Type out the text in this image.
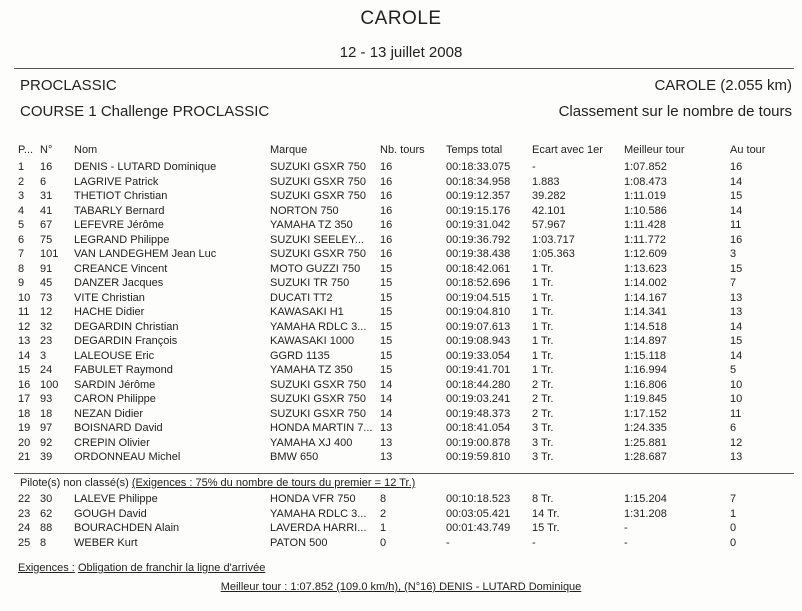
CAROLE
12 - 13 juillet 2008
PROCLASSIC	CAROLE (2.055 km)
COURSE 1 Challenge PROCLASSIC	Classement sur le nombre de tours
P... N°	Nom	Marque	Nb. tours	Temps total	Ecart avec 1er	Meilleur tour	Au tour
1	16	DENIS - LUTARD Dominique	SUZUKI GSXR 750	16	00:18:33.075	-	1:07.852	16
2	6	LAGRIVE Patrick	SUZUKI GSXR 750	16	00:18:34.958	1.883	1:08.473	14
3	31	THETIOT Christian	SUZUKI GSXR 750	16	00:19:12.357	39.282	1:11.019	15
4	41	TABARLY Bernard	NORTON 750	16	00:19:15.176	42.101	1:10.586	14
5	67	LEFEVRE Jérôme	YAMAHA TZ 350	16	00:19:31.042	57.967	1:11.428	11
6	75	LEGRAND Philippe	SUZUKI SEELEY...	16	00:19:36.792	1:03.717	1:11.772	16
7	101	VAN LANDEGHEM Jean Luc	SUZUKI GSXR 750	16	00:19:38.438	1:05.363	1:12.609	3
8	91	CREANCE Vincent	MOTO GUZZI 750	15	00:18:42.061	1 Tr.	1:13.623	15
9	45	DANZER Jacques	SUZUKI TR 750	15	00:18:52.696	1 Tr.	1:14.002	7
10 73	VITE Christian	DUCATI TT2	15	00:19:04.515	1 Tr.	1:14.167	13
11 12	HACHE Didier	KAWASAKI H1	15	00:19:04.810	1 Tr.	1:14.341	13
12 32	DEGARDIN Christian	YAMAHA RDLC 3...	15	00:19:07.613	1 Tr.	1:14.518	14
13 23	DEGARDIN François	KAWASAKI 1000	15	00:19:08.943	1 Tr.	1:14.897	15
14 3	LALEOUSE Eric	GGRD 1135	15	00:19:33.054	1 Tr.	1:15.118	14
15 24	FABULET Raymond	YAMAHA TZ 350	15	00:19:41.701	1 Tr.	1:16.994	5
16 100	SARDIN Jérôme	SUZUKI GSXR 750	14	00:18:44.280	2 Tr.	1:16.806	10
17 93	CARON Philippe	SUZUKI GSXR 750	14	00:19:03.241	2 Tr.	1:19.845	10
18 18	NEZAN Didier	SUZUKI GSXR 750	14	00:19:48.373	2 Tr.	1:17.152	11
19 97	BOISNARD David	HONDA MARTIN 7... 13	00:18:41.054	3 Tr.	1:24.335	6
20 92	CREPIN Olivier	YAMAHA XJ 400	13	00:19:00.878	3 Tr.	1:25.881	12
21 39	ORDONNEAU Michel	BMW 650	13	00:19:59.810	3 Tr.	1:28.687	13
Pilote(s) non classé(s) (Exigences : 75% du nombre de tours du premier = 12 Tr.)
22 30	LALEVE Philippe	HONDA VFR 750	8	00:10:18.523	8 Tr.	1:15.204	7
23 62	GOUGH David	YAMAHA RDLC 3...	2	00:03:05.421	14 Tr.	1:31.208	1
24 88	BOURACHDEN Alain	LAVERDA HARRI...	1	00:01:43.749	15 Tr.	-	0
25 8	WEBER Kurt	PATON 500	0	-	-	-	0
Exigences : Obligation de franchir la ligne d'arrivée
Meilleur tour : 1:07.852 (109.0 km/h), (N°16) DENIS - LUTARD Dominique
